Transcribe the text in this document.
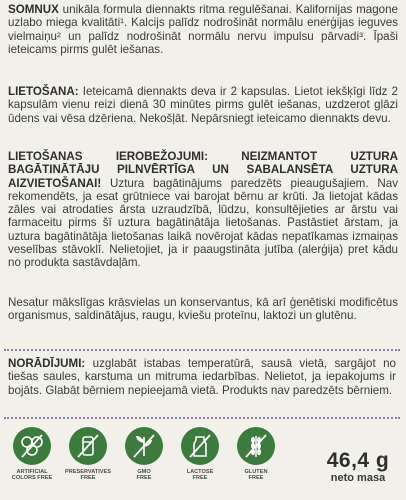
SOMNUX unikāla formula diennakts ritma regulēšanai. Kalifornijas magone uzlabo miega kvalitāti¹. Kalcijs palīdz nodrošināt normālu enerģijas ieguves vielmaiņu² un palīdz nodrošināt normālu nervu impulsu pārvadi³. Īpaši ieteicams pirms gulēt iešanas.
LIETOŠANA: Ieteicamā diennakts deva ir 2 kapsulas. Lietot iekšķīgi līdz 2 kapsulām vienu reizi dienā 30 minūtes pirms gulēt iešanas, uzdzerot glāzi ūdens vai vēsa dzēriena. Nekošļāt. Nepārsniegt ieteicamo diennakts devu.
LIETOŠANAS IEROBEŽOJUMI: NEIZMANTOT UZTURA BAGĀTINĀTĀJU PILNVĒRTĪGA UN SABALANSĒTA UZTURA AIZVIETOŠANAI! Uztura bagātinājums paredzēts pieaugušajiem. Nav rekomendēts, ja esat grūtniece vai barojat bērnu ar krūti. Ja lietojat kādas zāles vai atrodaties ārsta uzraudzībā, lūdzu, konsultējieties ar ārstu vai farmaceitu pirms šī uztura bagātinātāja lietošanas. Pastāstiet ārstam, ja uztura bagātinātāja lietošanas laikā novērojat kādas nepatīkamas izmaiņas veselības stāvoklī. Nelietojiet, ja ir paaugstināta jutība (alerģija) pret kādu no produkta sastāvdaļām.
Nesatur mākslīgas krāsvielas un konservantus, kā arī ģenētiski modificētus organismus, saldinātājus, raugu, kviešu proteīnu, laktozi un glutēnu.
NORĀDĪJUMI: uzglabāt istabas temperatūrā, sausā vietā, sargājot no tiešas saules, karstuma un mitruma iedarbības. Nelietot, ja iepakojums ir bojāts. Glabāt bērniem nepieejamā vietā. Produkts nav paredzēts bērniem.
ARTIFICIAL
COLORS FREE
PRESERVATIVES
FREE
GMO
FREE
LACTOSE
FREE
GLUTEN
FREE
46,4 g
neto masa
